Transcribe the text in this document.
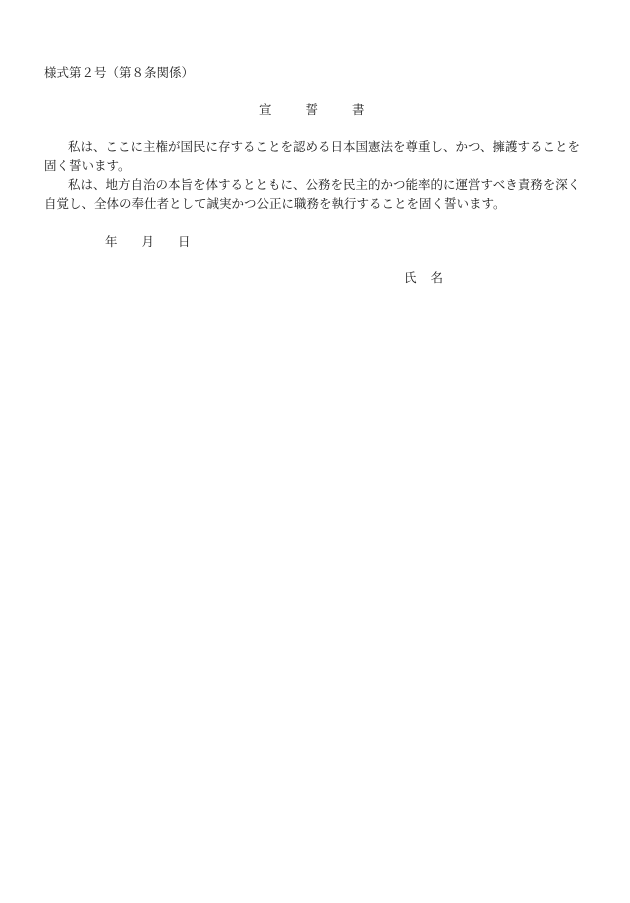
様式第２号（第８条関係）
宣誓書

私は、ここに主権が国民に存することを認める日本国憲法を尊重し、かつ、擁護することを固く誓います。

私は、地方自治の本旨を体するとともに、公務を民主的かつ能率的に運営すべき責務を深く自覚し、全体の奉仕者として誠実かつ公正に職務を執行することを固く誓います。

年 月 日
氏名
